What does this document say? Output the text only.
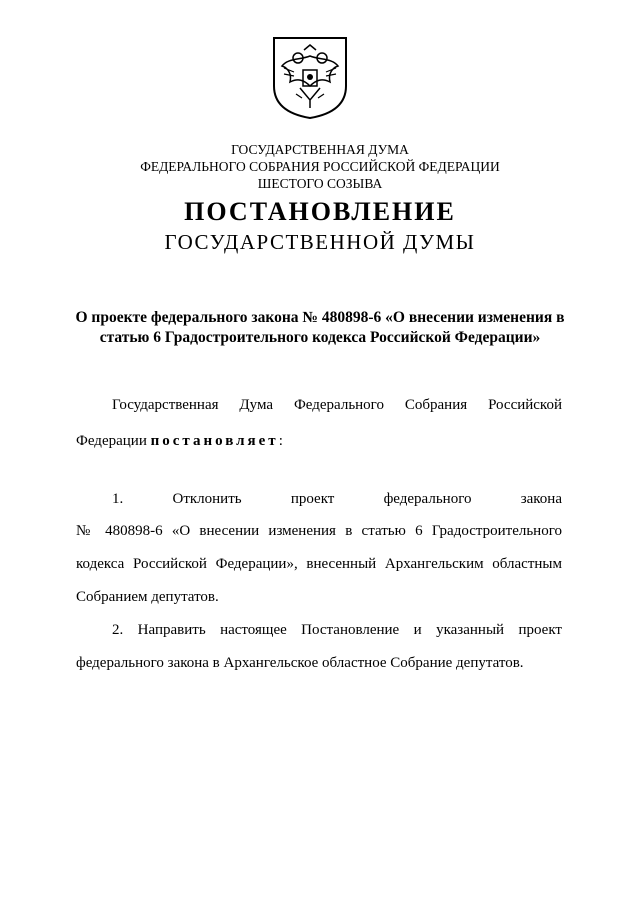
ГОСУДАРСТВЕННАЯ ДУМА
ФЕДЕРАЛЬНОГО СОБРАНИЯ РОССИЙСКОЙ ФЕДЕРАЦИИ
ШЕСТОГО СОЗЫВА
ПОСТАНОВЛЕНИЕ
ГОСУДАРСТВЕННОЙ ДУМЫ
О проекте федерального закона № 480898-6 «О внесении изменения в
статью 6 Градостроительного кодекса Российской Федерации»
Государственная Дума Федерального Собрания Российской
Федерации постановляет:
1. Отклонить проект федерального закона
№ 480898-6 «О внесении изменения в статью 6 Градостроительного
кодекса Российской Федерации», внесенный Архангельским областным
Собранием депутатов.
2. Направить настоящее Постановление и указанный проект
федерального закона в Архангельское областное Собрание депутатов.
